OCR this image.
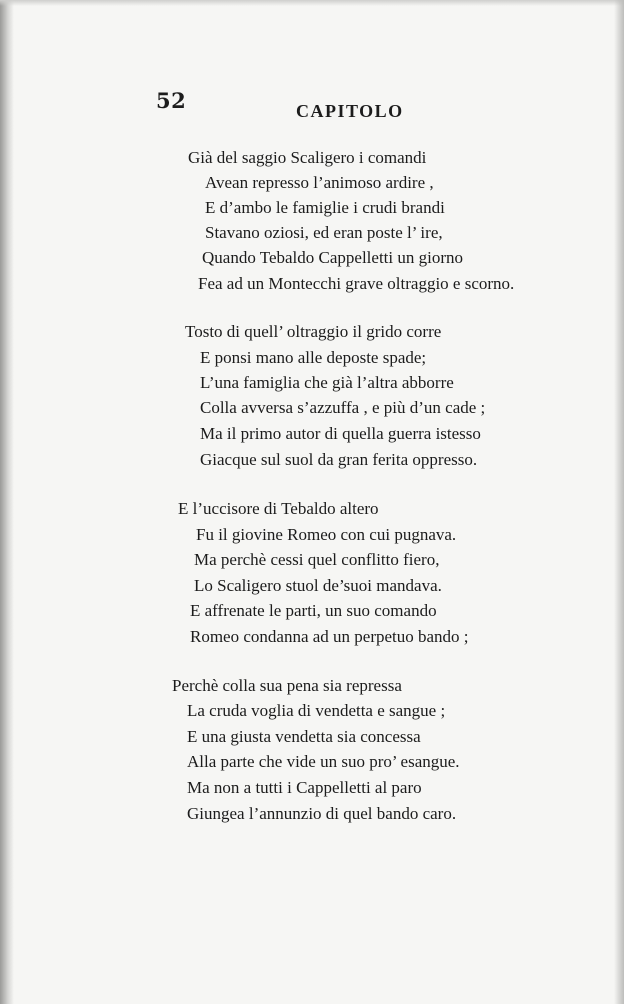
52	CAPITOLO
Già del saggio Scaligero i comandi
Avean represso l’animoso ardire ,
E d’ambo le famiglie i crudi brandi
Stavano oziosi, ed eran poste l’ ire,
Quando Tebaldo Cappelletti un giorno
Fea ad un Montecchi grave oltraggio e scorno.
Tosto di quell’ oltraggio il grido corre
E ponsi mano alle deposte spade;
L’una famiglia che già l’altra abborre
Colla avversa s’azzuffa , e più d’un cade ;
Ma il primo autor di quella guerra istesso
Giacque sul suol da gran ferita oppresso.
E l’uccisore di Tebaldo altero
Fu il giovine Romeo con cui pugnava.
Ma perchè cessi quel conflitto fiero,
Lo Scaligero stuol de’suoi mandava.
E affrenate le parti, un suo comando
Romeo condanna ad un perpetuo bando ;
Perchè colla sua pena sia repressa
La cruda voglia di vendetta e sangue ;
E una giusta vendetta sia concessa
Alla parte che vide un suo pro’ esangue.
Ma non a tutti i Cappelletti al paro
Giungea l’annunzio di quel bando caro.
